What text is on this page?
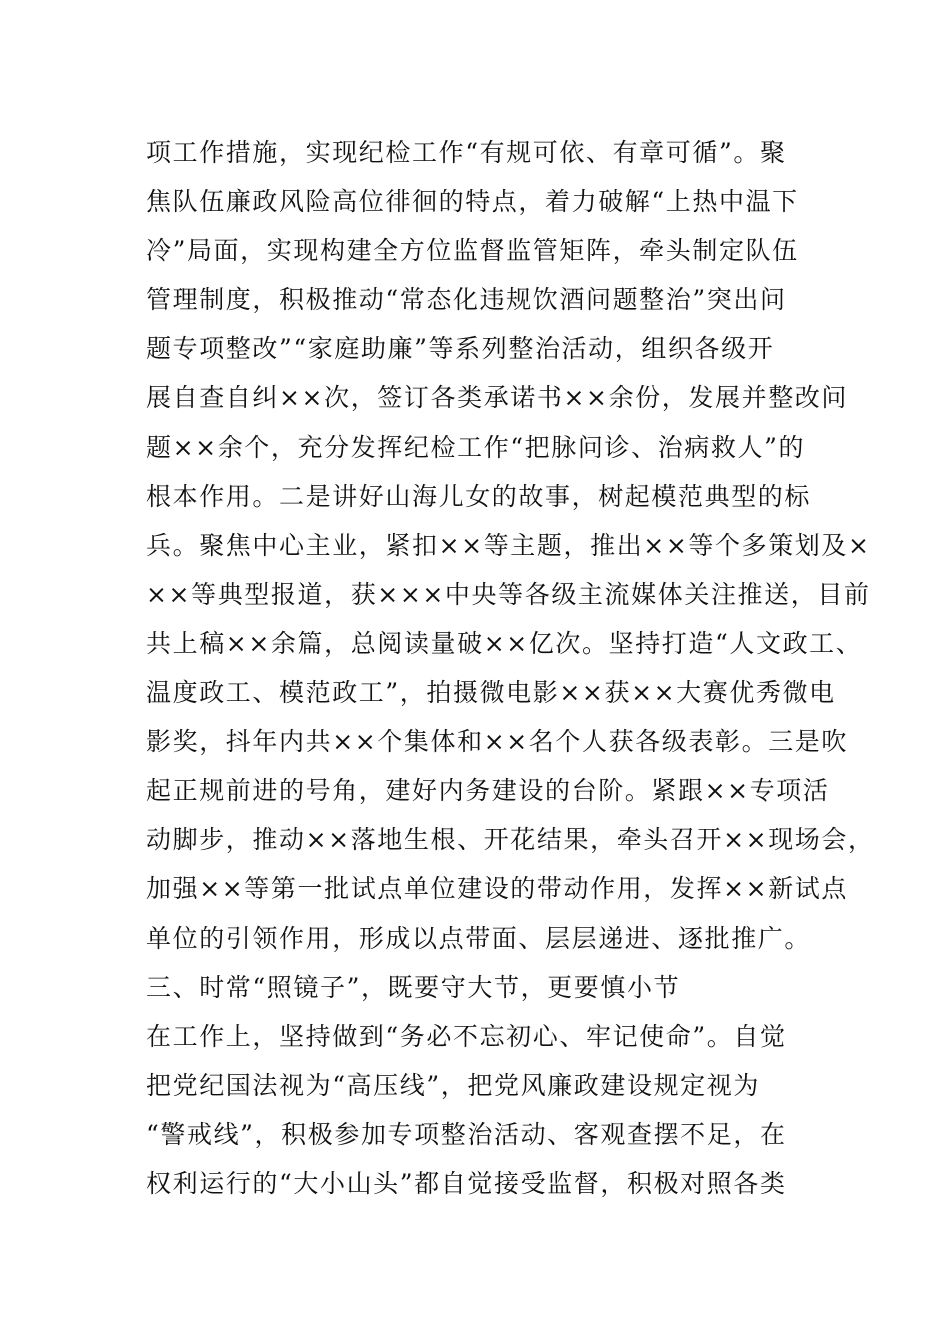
项工作措施，实现纪检工作“有规可依、有章可循”。聚
焦队伍廉政风险高位徘徊的特点，着力破解“上热中温下
冷”局面，实现构建全方位监督监管矩阵，牵头制定队伍
管理制度，积极推动“常态化违规饮酒问题整治”突出问
题专项整改”“家庭助廉”等系列整治活动，组织各级开
展自查自纠××次，签订各类承诺书××余份，发展并整改问
题××余个，充分发挥纪检工作“把脉问诊、治病救人”的
根本作用。二是讲好山海儿女的故事，树起模范典型的标
兵。聚焦中心主业，紧扣××等主题，推出××等个多策划及×
××等典型报道，获×××中央等各级主流媒体关注推送，目前
共上稿××余篇，总阅读量破××亿次。坚持打造“人文政工、
温度政工、模范政工”，拍摄微电影××获××大赛优秀微电
影奖，抖年内共××个集体和××名个人获各级表彰。三是吹
起正规前进的号角，建好内务建设的台阶。紧跟××专项活
动脚步，推动××落地生根、开花结果，牵头召开××现场会，
加强××等第一批试点单位建设的带动作用，发挥××新试点
单位的引领作用，形成以点带面、层层递进、逐批推广。
三、时常“照镜子”，既要守大节，更要慎小节
在工作上，坚持做到“务必不忘初心、牢记使命”。自觉
把党纪国法视为“高压线”，把党风廉政建设规定视为
“警戒线”，积极参加专项整治活动、客观查摆不足，在
权利运行的“大小山头”都自觉接受监督，积极对照各类
